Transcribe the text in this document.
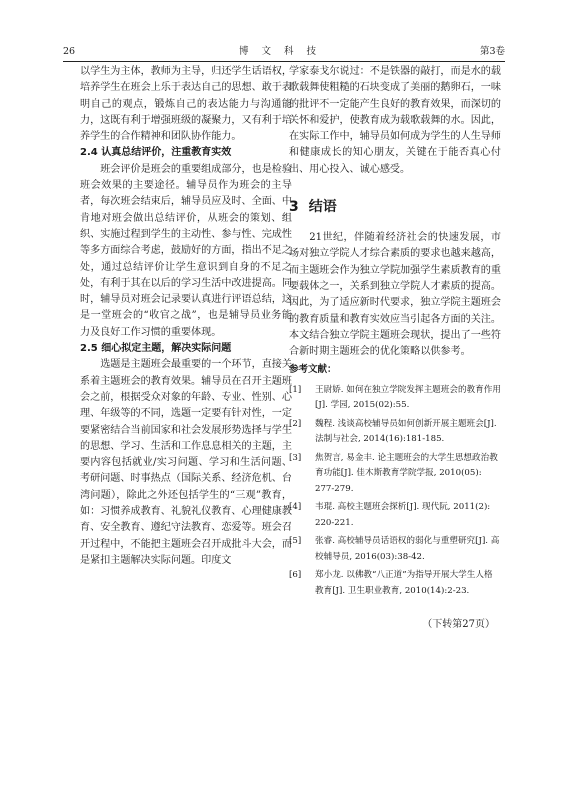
26	博文科技	第3卷

以学生为主体，教师为主导，归还学生话语权，培养学生在班会上乐于表达自己的思想、敢于表明自己的观点，锻炼自己的表达能力与沟通能力，这既有利于增强班级的凝聚力，又有利于培养学生的合作精神和团队协作能力。

2.4 认真总结评价，注重教育实效

班会评价是班会的重要组成部分，也是检验班会效果的主要途径。辅导员作为班会的主导者，每次班会结束后，辅导员应及时、全面、中肯地对班会做出总结评价，从班会的策划、组织、实施过程到学生的主动性、参与性、完成性等多方面综合考虑，鼓励好的方面，指出不足之处，通过总结评价让学生意识到自身的不足之处，有利于其在以后的学习生活中改进提高。同时，辅导员对班会记录要认真进行评语总结，这是一堂班会的“收官之战”，也是辅导员业务能力及良好工作习惯的重要体现。

2.5 细心拟定主题，解决实际问题

选题是主题班会最重要的一个环节，直接关系着主题班会的教育效果。辅导员在召开主题班会之前，根据受众对象的年龄、专业、性别、心理、年级等的不同，选题一定要有针对性，一定要紧密结合当前国家和社会发展形势选择与学生的思想、学习、生活和工作息息相关的主题，主要内容包括就业/实习问题、学习和生活问题、考研问题、时事热点（国际关系、经济危机、台湾问题），除此之外还包括学生的“三观”教育，如：习惯养成教育、礼貌礼仪教育、心理健康教育、安全教育、遵纪守法教育、恋爱等。班会召开过程中，不能把主题班会召开成批斗大会，而是紧扣主题解决实际问题。印度文

学家泰戈尔说过：不是铁器的敲打，而是水的载歌载舞使粗糙的石块变成了美丽的鹅卵石，一味的批评不一定能产生良好的教育效果，而深切的关怀和爱护，使教育成为载歌载舞的水。因此，在实际工作中，辅导员如何成为学生的人生导师和健康成长的知心朋友，关键在于能否真心付出、用心投入、诚心感受。

3 结语

21世纪，伴随着经济社会的快速发展，市场对独立学院人才综合素质的要求也越来越高，而主题班会作为独立学院加强学生素质教育的重要载体之一，关系到独立学院人才素质的提高。因此，为了适应新时代要求，独立学院主题班会的教育质量和教育实效应当引起各方面的关注。本文结合独立学院主题班会现状，提出了一些符合新时期主题班会的优化策略以供参考。

参考文献：
[1] 王尉娇. 如何在独立学院发挥主题班会的教育作用[J]. 学园, 2015(02):55.
[2] 魏程. 浅谈高校辅导员如何创新开展主题班会[J]. 法制与社会, 2014(16):181-185.
[3] 焦贺言, 易金丰. 论主题班会的大学生思想政治教育功能[J]. 佳木斯教育学院学报, 2010(05): 277-279.
[4] 韦琨. 高校主题班会探析[J]. 现代阮, 2011(2): 220-221.
[5] 张睿. 高校辅导员话语权的弱化与重塑研究[J]. 高校辅导员, 2016(03):38-42.
[6] 郑小龙. 以佛教“八正道”为指导开展大学生人格教育[J]. 卫生职业教育, 2010(14):2-23.
（下转第27页）
